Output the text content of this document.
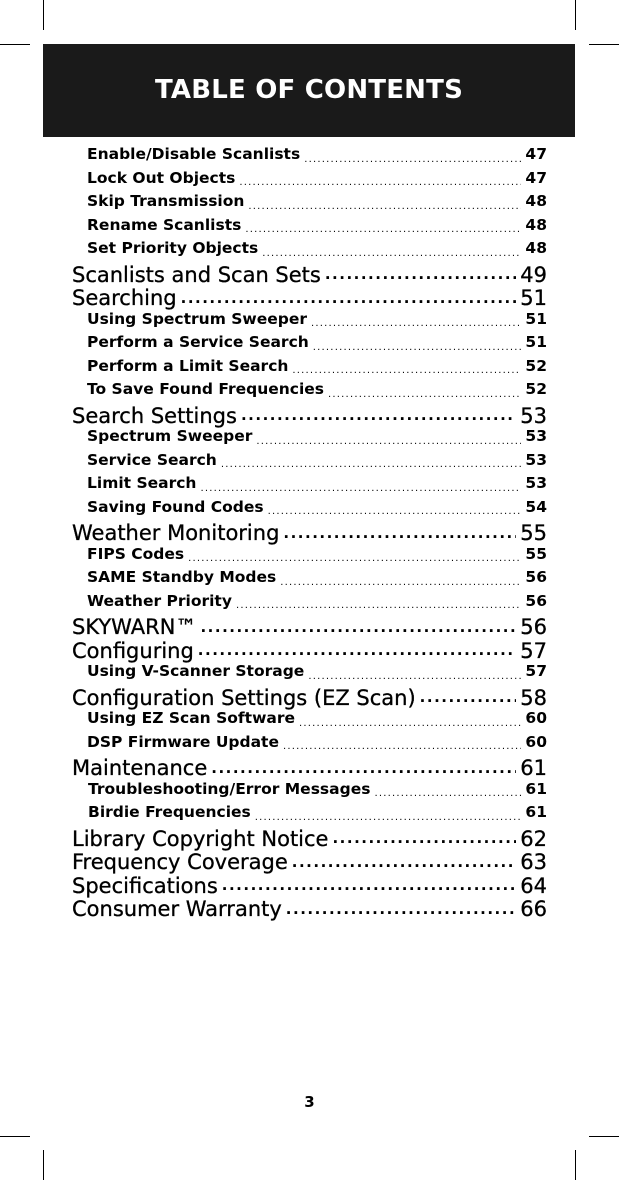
TABLE OF CONTENTS
Enable/Disable Scanlists .....	47
Lock Out Objects .....	47
Skip Transmission .....	48
Rename Scanlists .....	48
Set Priority Objects .....	48
Scanlists and Scan Sets .....	49
Searching .....	51
Using Spectrum Sweeper .....	51
Perform a Service Search .....	51
Perform a Limit Search .....	52
To Save Found Frequencies .....	52
Search Settings .....	53
Spectrum Sweeper .....	53
Service Search .....	53
Limit Search .....	53
Saving Found Codes .....	54
Weather Monitoring .....	55
FIPS Codes .....	55
SAME Standby Modes .....	56
Weather Priority .....	56
SKYWARN™ .....	56
Configuring .....	57
Using V-Scanner Storage .....	57
Configuration Settings (EZ Scan) .....	58
Using EZ Scan Software .....	60
DSP Firmware Update .....	60
Maintenance .....	61
Troubleshooting/Error Messages .....	61
Birdie Frequencies .....	61
Library Copyright Notice .....	62
Frequency Coverage .....	63
Specifications .....	64
Consumer Warranty .....	66
3
